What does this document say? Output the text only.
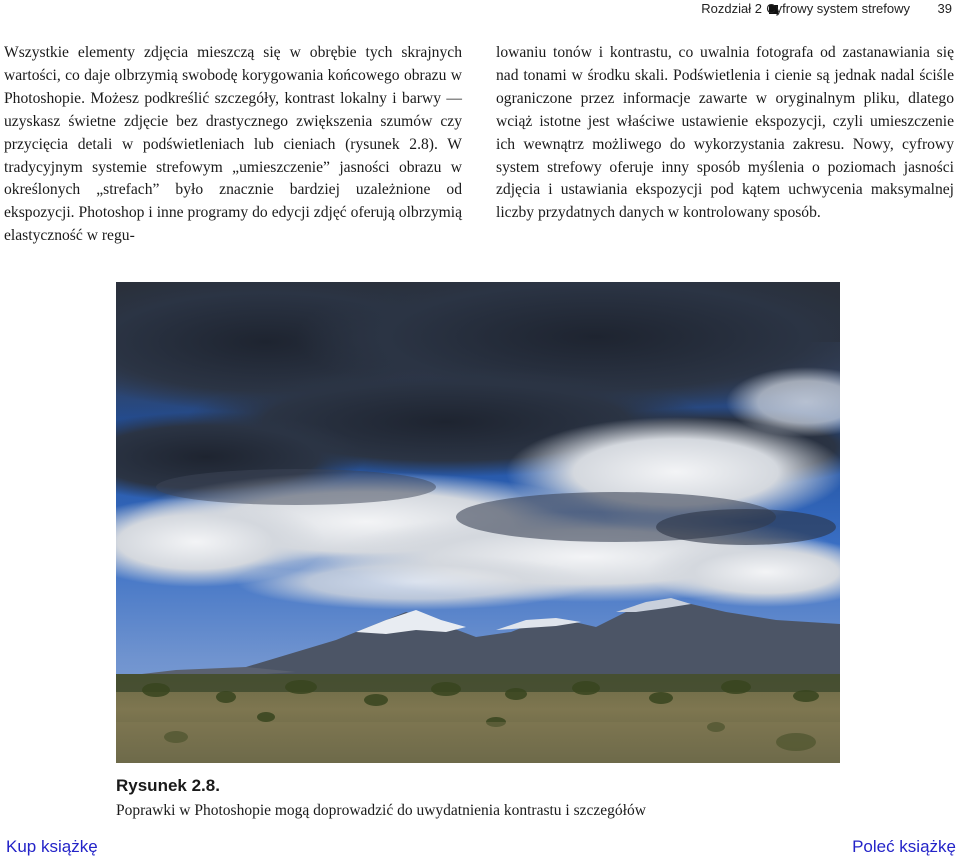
Rozdział 2 Cyfrowy system strefowy 39
Wszystkie elementy zdjęcia mieszczą się w obrębie tych skrajnych wartości, co daje olbrzymią swobodę korygowania końcowego obrazu w Photoshopie. Możesz podkreślić szczegóły, kontrast lokalny i barwy — uzyskasz świetne zdjęcie bez drastycznego zwiększenia szumów czy przycięcia detali w podświetleniach lub cieniach (rysunek 2.8). W tradycyjnym systemie strefowym „umieszczenie” jasności obrazu w określonych „strefach” było znacznie bardziej uzależnione od ekspozycji. Photoshop i inne programy do edycji zdjęć oferują olbrzymią elastyczność w regu-
lowaniu tonów i kontrastu, co uwalnia fotografa od zastanawiania się nad tonami w środku skali. Podświetlenia i cienie są jednak nadal ściśle ograniczone przez informacje zawarte w oryginalnym pliku, dlatego wciąż istotne jest właściwe ustawienie ekspozycji, czyli umieszczenie ich wewnątrz możliwego do wykorzystania zakresu. Nowy, cyfrowy system strefowy oferuje inny sposób myślenia o poziomach jasności zdjęcia i ustawiania ekspozycji pod kątem uchwycenia maksymalnej liczby przydatnych danych w kontrolowany sposób.
Rysunek 2.8.
Poprawki w Photoshopie mogą doprowadzić do uwydatnienia kontrastu i szczegółów
Kup książkę	Poleć książkę
